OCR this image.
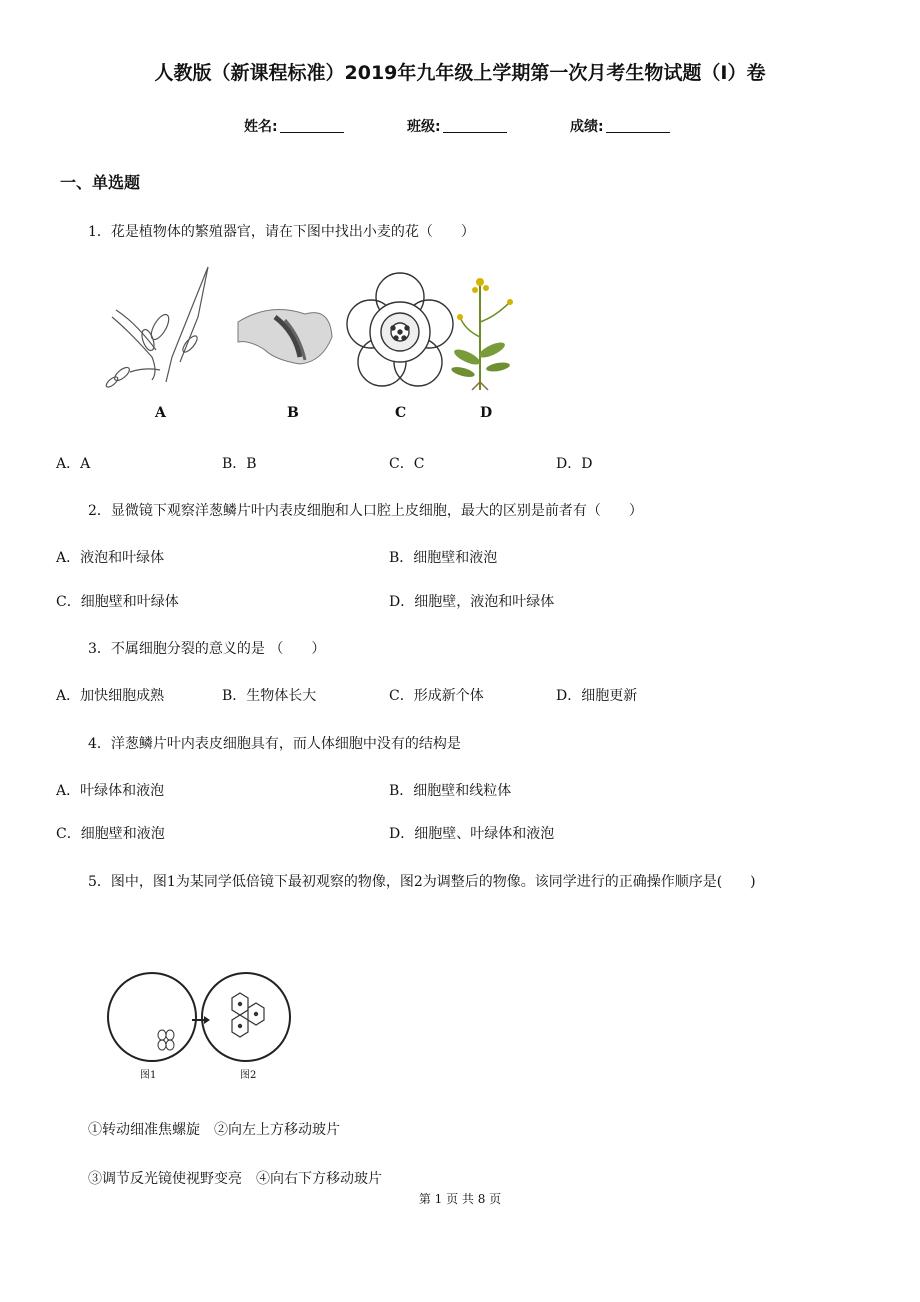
人教版（新课程标准）2019年九年级上学期第一次月考生物试题（I）卷
姓名:	班级:	成绩:
一、单选题
1．花是植物体的繁殖器官，请在下图中找出小麦的花（　　）
A	B	C	D
A．A	B．B	C．C	D．D
2．显微镜下观察洋葱鳞片叶内表皮细胞和人口腔上皮细胞，最大的区别是前者有（　　）
A．液泡和叶绿体	B．细胞壁和液泡
C．细胞壁和叶绿体	D．细胞壁，液泡和叶绿体
3．不属细胞分裂的意义的是 （　　）
A．加快细胞成熟	B．生物体长大	C．形成新个体	D．细胞更新
4．洋葱鳞片叶内表皮细胞具有，而人体细胞中没有的结构是
A．叶绿体和液泡	B．细胞壁和线粒体
C．细胞壁和液泡	D．细胞壁、叶绿体和液泡
5．图中，图1为某同学低倍镜下最初观察的物像，图2为调整后的物像。该同学进行的正确操作顺序是(　　)
图1	图2
①转动细准焦螺旋　②向左上方移动玻片
③调节反光镜使视野变亮　④向右下方移动玻片
第 1 页 共 8 页
